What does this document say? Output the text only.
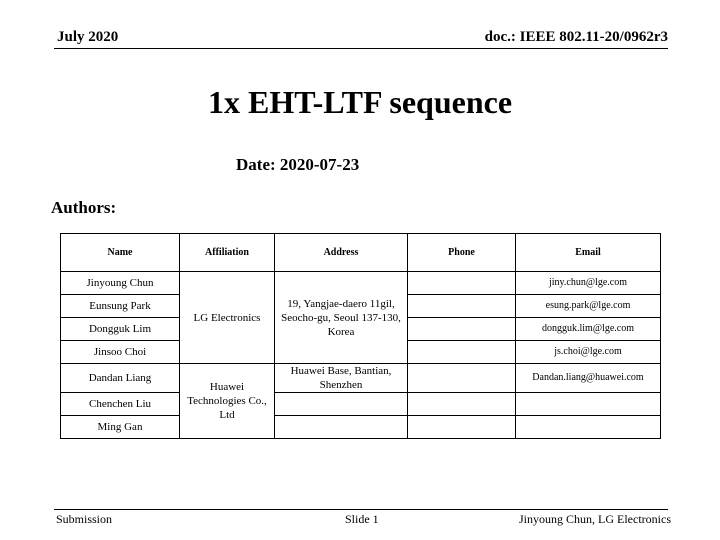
July 2020	doc.: IEEE 802.11-20/0962r3
1x EHT-LTF sequence
Date: 2020-07-23
Authors:
Name	Affiliation	Address	Phone	Email
Jinyoung Chun	LG Electronics	19, Yangjae-daero 11gil, Seocho-gu, Seoul 137-130, Korea		jiny.chun@lge.com
Eunsung Park				esung.park@lge.com
Dongguk Lim				dongguk.lim@lge.com
Jinsoo Choi				js.choi@lge.com
Dandan Liang	Huawei Technologies Co., Ltd	Huawei Base, Bantian, Shenzhen		Dandan.liang@huawei.com
Chenchen Liu				
Ming Gan				
Submission	Slide 1	Jinyoung Chun, LG Electronics
